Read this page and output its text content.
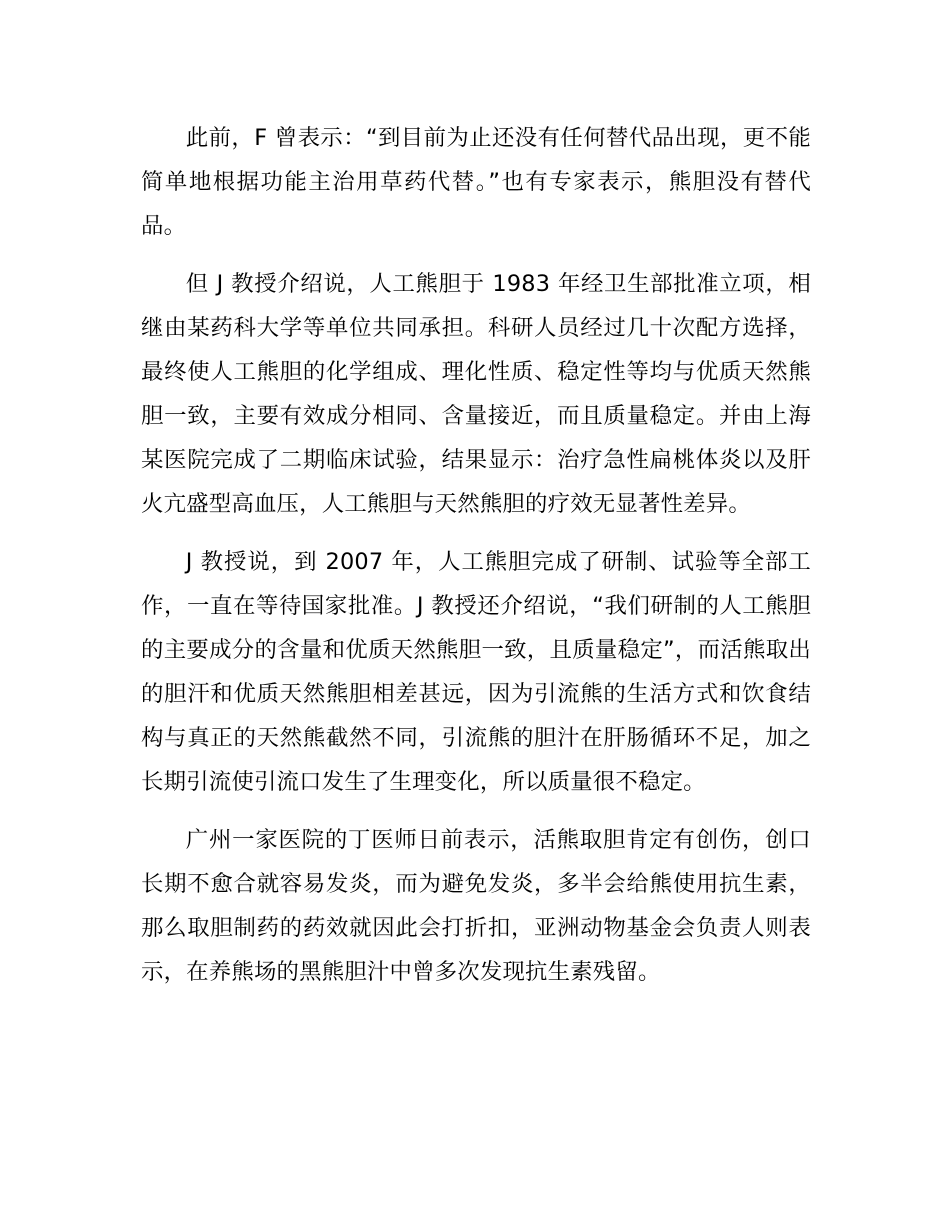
此前，F 曾表示：“到目前为止还没有任何替代品出现，更不能简单地根据功能主治用草药代替。”也有专家表示，熊胆没有替代品。

但 J 教授介绍说，人工熊胆于 1983 年经卫生部批准立项，相继由某药科大学等单位共同承担。科研人员经过几十次配方选择，最终使人工熊胆的化学组成、理化性质、稳定性等均与优质天然熊胆一致，主要有效成分相同、含量接近，而且质量稳定。并由上海某医院完成了二期临床试验，结果显示：治疗急性扁桃体炎以及肝火亢盛型高血压，人工熊胆与天然熊胆的疗效无显著性差异。

J 教授说，到 2007 年，人工熊胆完成了研制、试验等全部工作，一直在等待国家批准。J 教授还介绍说，“我们研制的人工熊胆的主要成分的含量和优质天然熊胆一致，且质量稳定”，而活熊取出的胆汗和优质天然熊胆相差甚远，因为引流熊的生活方式和饮食结构与真正的天然熊截然不同，引流熊的胆汁在肝肠循环不足，加之长期引流使引流口发生了生理变化，所以质量很不稳定。

广州一家医院的丁医师日前表示，活熊取胆肯定有创伤，创口长期不愈合就容易发炎，而为避免发炎，多半会给熊使用抗生素，那么取胆制药的药效就因此会打折扣，亚洲动物基金会负责人则表示，在养熊场的黑熊胆汁中曾多次发现抗生素残留。
